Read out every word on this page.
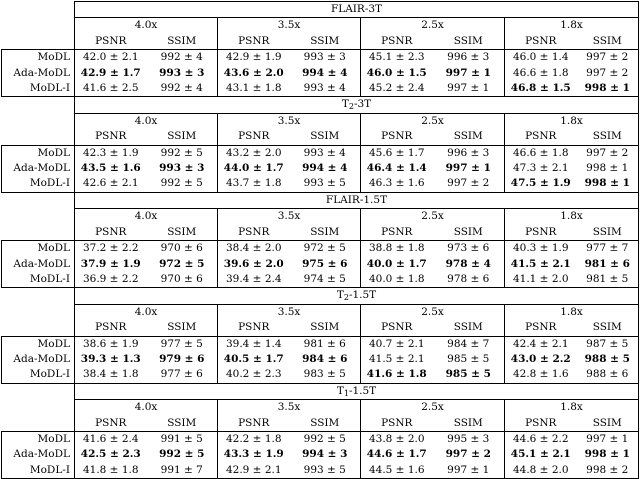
	FLAIR-3T							
	4.0x		3.5x		2.5x		1.8x	
	PSNR	SSIM	PSNR	SSIM	PSNR	SSIM	PSNR	SSIM
MoDL	42.0 ± 2.1	992 ± 4	42.9 ± 1.9	993 ± 3	45.1 ± 2.3	996 ± 3	46.0 ± 1.4	997 ± 2
Ada-MoDL	42.9 ± 1.7	993 ± 3	43.6 ± 2.0	994 ± 4	46.0 ± 1.5	997 ± 1	46.6 ± 1.8	997 ± 2
MoDL-I	41.6 ± 2.5	992 ± 4	43.1 ± 1.8	993 ± 4	45.2 ± 2.4	997 ± 1	46.8 ± 1.5	998 ± 1
	$T_2-3T$							
	4.0x		3.5x		2.5x		1.8x	
	PSNR	SSIM	PSNR	SSIM	PSNR	SSIM	PSNR	SSIM
MoDL	42.3 ± 1.9	992 ± 5	43.2 ± 2.0	993 ± 4	45.6 ± 1.7	996 ± 3	46.6 ± 1.8	997 ± 2
Ada-MoDL	43.5 ± 1.6	993 ± 3	44.0 ± 1.7	994 ± 4	46.4 ± 1.4	997 ± 1	47.3 ± 2.1	998 ± 1
MoDL-I	42.6 ± 2.1	992 ± 5	43.7 ± 1.8	993 ± 5	46.3 ± 1.6	997 ± 2	47.5 ± 1.9	998 ± 1
	FLAIR-1.5T							
	4.0x		3.5x		2.5x		1.8x	
	PSNR	SSIM	PSNR	SSIM	PSNR	SSIM	PSNR	SSIM
MoDL	37.2 ± 2.2	970 ± 6	38.4 ± 2.0	972 ± 5	38.8 ± 1.8	973 ± 6	40.3 ± 1.9	977 ± 7
Ada-MoDL	37.9 ± 1.9	972 ± 5	39.6 ± 2.0	975 ± 6	40.0 ± 1.7	978 ± 4	41.5 ± 2.1	981 ± 6
MoDL-I	36.9 ± 2.2	970 ± 6	39.4 ± 2.4	974 ± 5	40.0 ± 1.8	978 ± 6	41.1 ± 2.0	981 ± 5
	$T_2-1.5T$							
	4.0x		3.5x		2.5x		1.8x	
	PSNR	SSIM	PSNR	SSIM	PSNR	SSIM	PSNR	SSIM
MoDL	38.6 ± 1.9	977 ± 5	39.4 ± 1.4	981 ± 6	40.7 ± 2.1	984 ± 7	42.4 ± 2.1	987 ± 5
Ada-MoDL	39.3 ± 1.3	979 ± 6	40.5 ± 1.7	984 ± 6	41.5 ± 2.1	985 ± 5	43.0 ± 2.2	988 ± 5
MoDL-I	38.4 ± 1.8	977 ± 6	40.2 ± 2.3	983 ± 5	41.6 ± 1.8	985 ± 5	42.8 ± 1.6	988 ± 6
	$T_1-1.5T$							
	4.0x		3.5x		2.5x		1.8x	
	PSNR	SSIM	PSNR	SSIM	PSNR	SSIM	PSNR	SSIM
MoDL	41.6 ± 2.4	991 ± 5	42.2 ± 1.8	992 ± 5	43.8 ± 2.0	995 ± 3	44.6 ± 2.2	997 ± 1
Ada-MoDL	42.5 ± 2.3	992 ± 5	43.3 ± 1.9	994 ± 3	44.6 ± 1.7	997 ± 2	45.1 ± 2.1	998 ± 1
MoDL-I	41.8 ± 1.8	991 ± 7	42.9 ± 2.1	993 ± 5	44.5 ± 1.6	997 ± 1	44.8 ± 2.0	998 ± 2
